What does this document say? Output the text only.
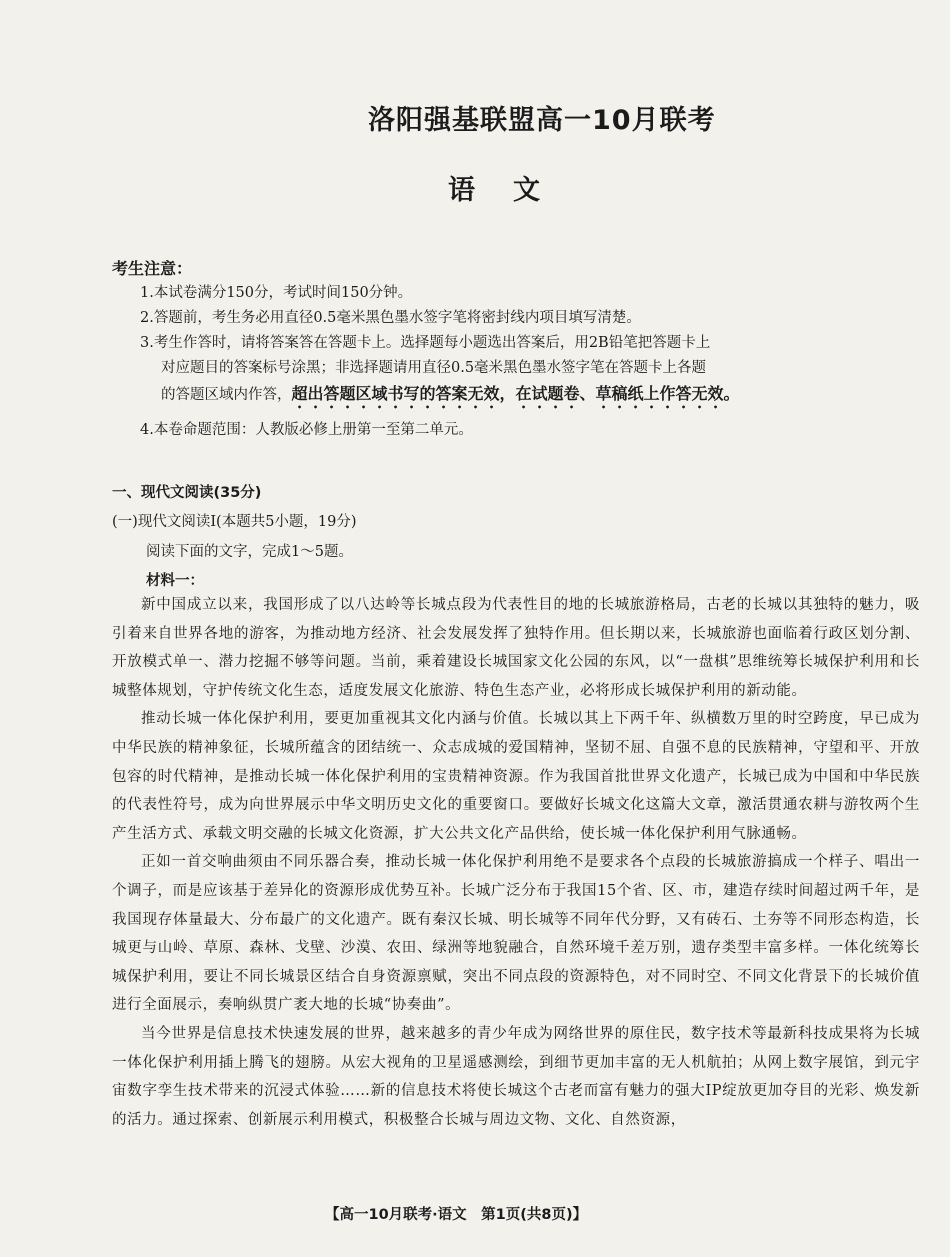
洛阳强基联盟高一10月联考
语文
考生注意：
1.本试卷满分150分，考试时间150分钟。
2.答题前，考生务必用直径0.5毫米黑色墨水签字笔将密封线内项目填写清楚。
3.考生作答时，请将答案答在答题卡上。选择题每小题选出答案后，用2B铅笔把答题卡上
对应题目的答案标号涂黑；非选择题请用直径0.5毫米黑色墨水签字笔在答题卡上各题
的答题区域内作答，超出答题区域书写的答案无效，在试题卷、草稿纸上作答无效。
4.本卷命题范围：人教版必修上册第一至第二单元。
一、现代文阅读(35分)
(一)现代文阅读Ⅰ(本题共5小题，19分)
阅读下面的文字，完成1～5题。
材料一：

新中国成立以来，我国形成了以八达岭等长城点段为代表性目的地的长城旅游格局，古老的长城以其独特的魅力，吸引着来自世界各地的游客，为推动地方经济、社会发展发挥了独特作用。但长期以来，长城旅游也面临着行政区划分割、开放模式单一、潜力挖掘不够等问题。当前，乘着建设长城国家文化公园的东风，以“一盘棋”思维统筹长城保护利用和长城整体规划，守护传统文化生态，适度发展文化旅游、特色生态产业，必将形成长城保护利用的新动能。

推动长城一体化保护利用，要更加重视其文化内涵与价值。长城以其上下两千年、纵横数万里的时空跨度，早已成为中华民族的精神象征，长城所蕴含的团结统一、众志成城的爱国精神，坚韧不屈、自强不息的民族精神，守望和平、开放包容的时代精神，是推动长城一体化保护利用的宝贵精神资源。作为我国首批世界文化遗产，长城已成为中国和中华民族的代表性符号，成为向世界展示中华文明历史文化的重要窗口。要做好长城文化这篇大文章，激活贯通农耕与游牧两个生产生活方式、承载文明交融的长城文化资源，扩大公共文化产品供给，使长城一体化保护利用气脉通畅。

正如一首交响曲须由不同乐器合奏，推动长城一体化保护利用绝不是要求各个点段的长城旅游搞成一个样子、唱出一个调子，而是应该基于差异化的资源形成优势互补。长城广泛分布于我国15个省、区、市，建造存续时间超过两千年，是我国现存体量最大、分布最广的文化遗产。既有秦汉长城、明长城等不同年代分野，又有砖石、土夯等不同形态构造，长城更与山岭、草原、森林、戈壁、沙漠、农田、绿洲等地貌融合，自然环境千差万别，遗存类型丰富多样。一体化统筹长城保护利用，要让不同长城景区结合自身资源禀赋，突出不同点段的资源特色，对不同时空、不同文化背景下的长城价值进行全面展示，奏响纵贯广袤大地的长城“协奏曲”。

当今世界是信息技术快速发展的世界，越来越多的青少年成为网络世界的原住民，数字技术等最新科技成果将为长城一体化保护利用插上腾飞的翅膀。从宏大视角的卫星遥感测绘，到细节更加丰富的无人机航拍；从网上数字展馆，到元宇宙数字孪生技术带来的沉浸式体验……新的信息技术将使长城这个古老而富有魅力的强大IP绽放更加夺目的光彩、焕发新的活力。通过探索、创新展示利用模式，积极整合长城与周边文物、文化、自然资源，

【高一10月联考·语文　第1页(共8页)】
